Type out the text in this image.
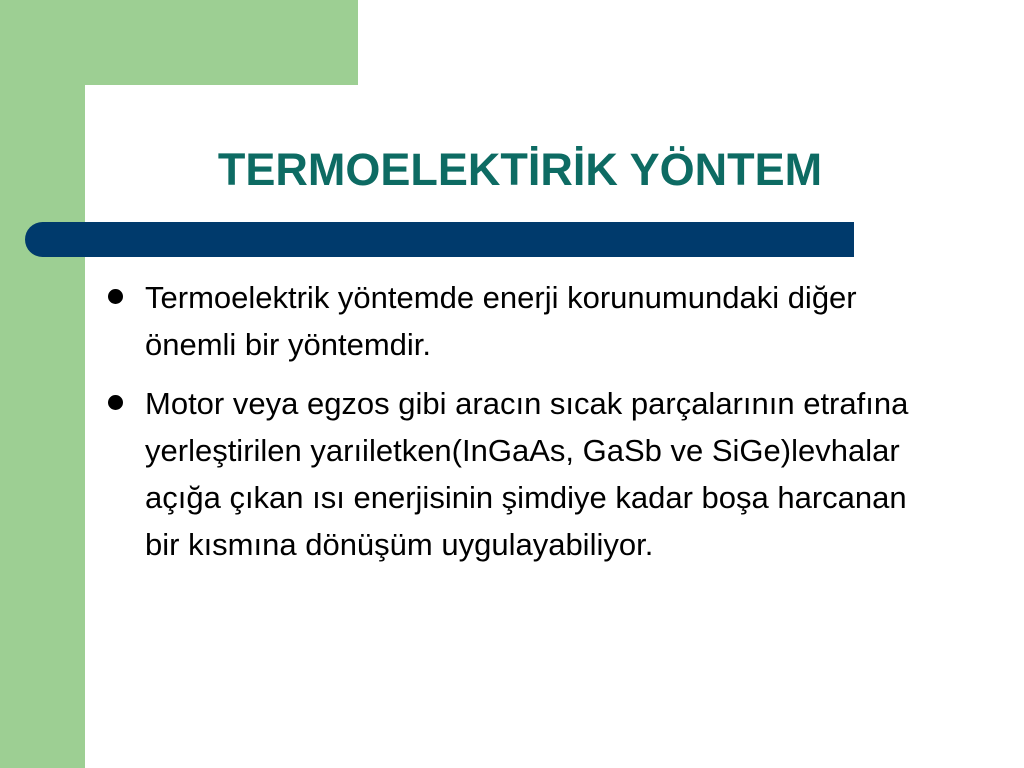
TERMOELEKTİRİK YÖNTEM
Termoelektrik yöntemde enerji korunumundaki diğer önemli bir yöntemdir.
Motor veya egzos gibi aracın sıcak parçalarının etrafına yerleştirilen yarıiletken(InGaAs, GaSb ve SiGe)levhalar açığa çıkan ısı enerjisinin şimdiye kadar boşa harcanan bir kısmına dönüşüm uygulayabiliyor.
